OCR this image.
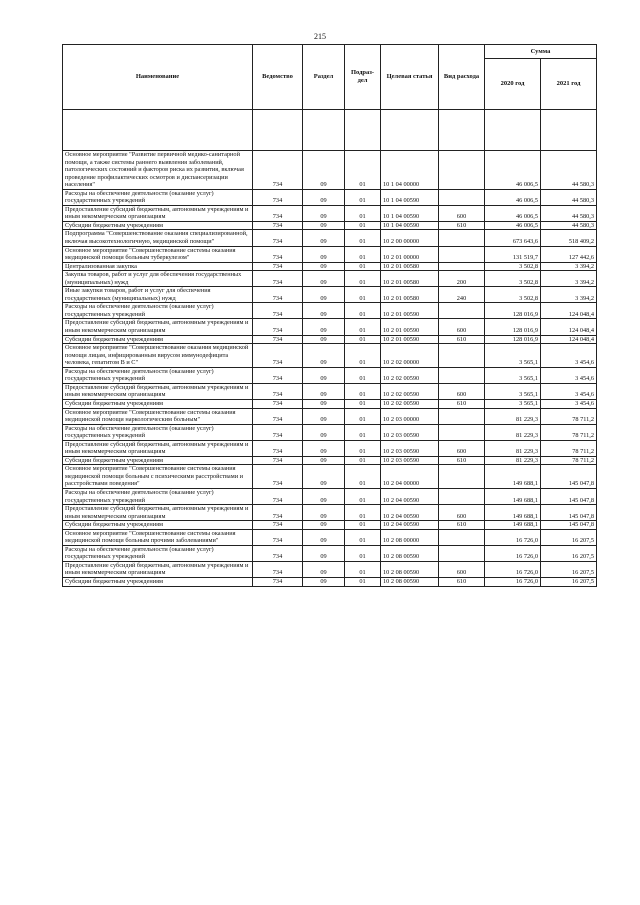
215
Наименование	Ведомство	Раздел	Подраз-дел	Целевая статья	Вид расхода	Сумма	
						2020 год	2021 год

Основное мероприятие "Развитие первичной медико-санитарной помощи, а также системы раннего выявления заболеваний, патологических состояний и факторов риска их развития, включая проведение профилактических осмотров и диспансеризации населения"	734	09	01	10 1 04 00000		46 006,5	44 580,3
Расходы на обеспечение деятельности (оказание услуг) государственных учреждений	734	09	01	10 1 04 00590		46 006,5	44 580,3
Предоставление субсидий бюджетным, автономным учреждениям и иным некоммерческим организациям	734	09	01	10 1 04 00590	600	46 006,5	44 580,3
Субсидии бюджетным учреждениям	734	09	01	10 1 04 00590	610	46 006,5	44 580,3
Подпрограмма "Совершенствование оказания специализированной, включая высокотехнологичную, медицинской помощи"	734	09	01	10 2 00 00000		673 643,6	518 409,2
Основное мероприятие "Совершенствование системы оказания медицинской помощи больным туберкулезом"	734	09	01	10 2 01 00000		131 519,7	127 442,6
Централизованная закупка	734	09	01	10 2 01 00580		3 502,8	3 394,2
Закупка товаров, работ и услуг для обеспечения государственных (муниципальных) нужд	734	09	01	10 2 01 00580	200	3 502,8	3 394,2
Иные закупки товаров, работ и услуг для обеспечения государственных (муниципальных) нужд	734	09	01	10 2 01 00580	240	3 502,8	3 394,2
Расходы на обеспечение деятельности (оказание услуг) государственных учреждений	734	09	01	10 2 01 00590		128 016,9	124 048,4
Предоставление субсидий бюджетным, автономным учреждениям и иным некоммерческим организациям	734	09	01	10 2 01 00590	600	128 016,9	124 048,4
Субсидии бюджетным учреждениям	734	09	01	10 2 01 00590	610	128 016,9	124 048,4
Основное мероприятие "Совершенствование оказания медицинской помощи лицам, инфицированным вирусом иммунодефицита человека, гепатитом B и C"	734	09	01	10 2 02 00000		3 565,1	3 454,6
Расходы на обеспечение деятельности (оказание услуг) государственных учреждений	734	09	01	10 2 02 00590		3 565,1	3 454,6
Предоставление субсидий бюджетным, автономным учреждениям и иным некоммерческим организациям	734	09	01	10 2 02 00590	600	3 565,1	3 454,6
Субсидии бюджетным учреждениям	734	09	01	10 2 02 00590	610	3 565,1	3 454,6
Основное мероприятие "Совершенствование системы оказания медицинской помощи наркологическим больным"	734	09	01	10 2 03 00000		81 229,3	78 711,2
Расходы на обеспечение деятельности (оказание услуг) государственных учреждений	734	09	01	10 2 03 00590		81 229,3	78 711,2
Предоставление субсидий бюджетным, автономным учреждениям и иным некоммерческим организациям	734	09	01	10 2 03 00590	600	81 229,3	78 711,2
Субсидии бюджетным учреждениям	734	09	01	10 2 03 00590	610	81 229,3	78 711,2
Основное мероприятие "Совершенствование системы оказания медицинской помощи больным с психическими расстройствами и расстройствами поведения"	734	09	01	10 2 04 00000		149 688,1	145 047,8
Расходы на обеспечение деятельности (оказание услуг) государственных учреждений	734	09	01	10 2 04 00590		149 688,1	145 047,8
Предоставление субсидий бюджетным, автономным учреждениям и иным некоммерческим организациям	734	09	01	10 2 04 00590	600	149 688,1	145 047,8
Субсидии бюджетным учреждениям	734	09	01	10 2 04 00590	610	149 688,1	145 047,8
Основное мероприятие "Совершенствование системы оказания медицинской помощи больным прочими заболеваниями"	734	09	01	10 2 08 00000		16 726,0	16 207,5
Расходы на обеспечение деятельности (оказание услуг) государственных учреждений	734	09	01	10 2 08 00590		16 726,0	16 207,5
Предоставление субсидий бюджетным, автономным учреждениям и иным некоммерческим организациям	734	09	01	10 2 08 00590	600	16 726,0	16 207,5
Субсидии бюджетным учреждениям	734	09	01	10 2 08 00590	610	16 726,0	16 207,5
